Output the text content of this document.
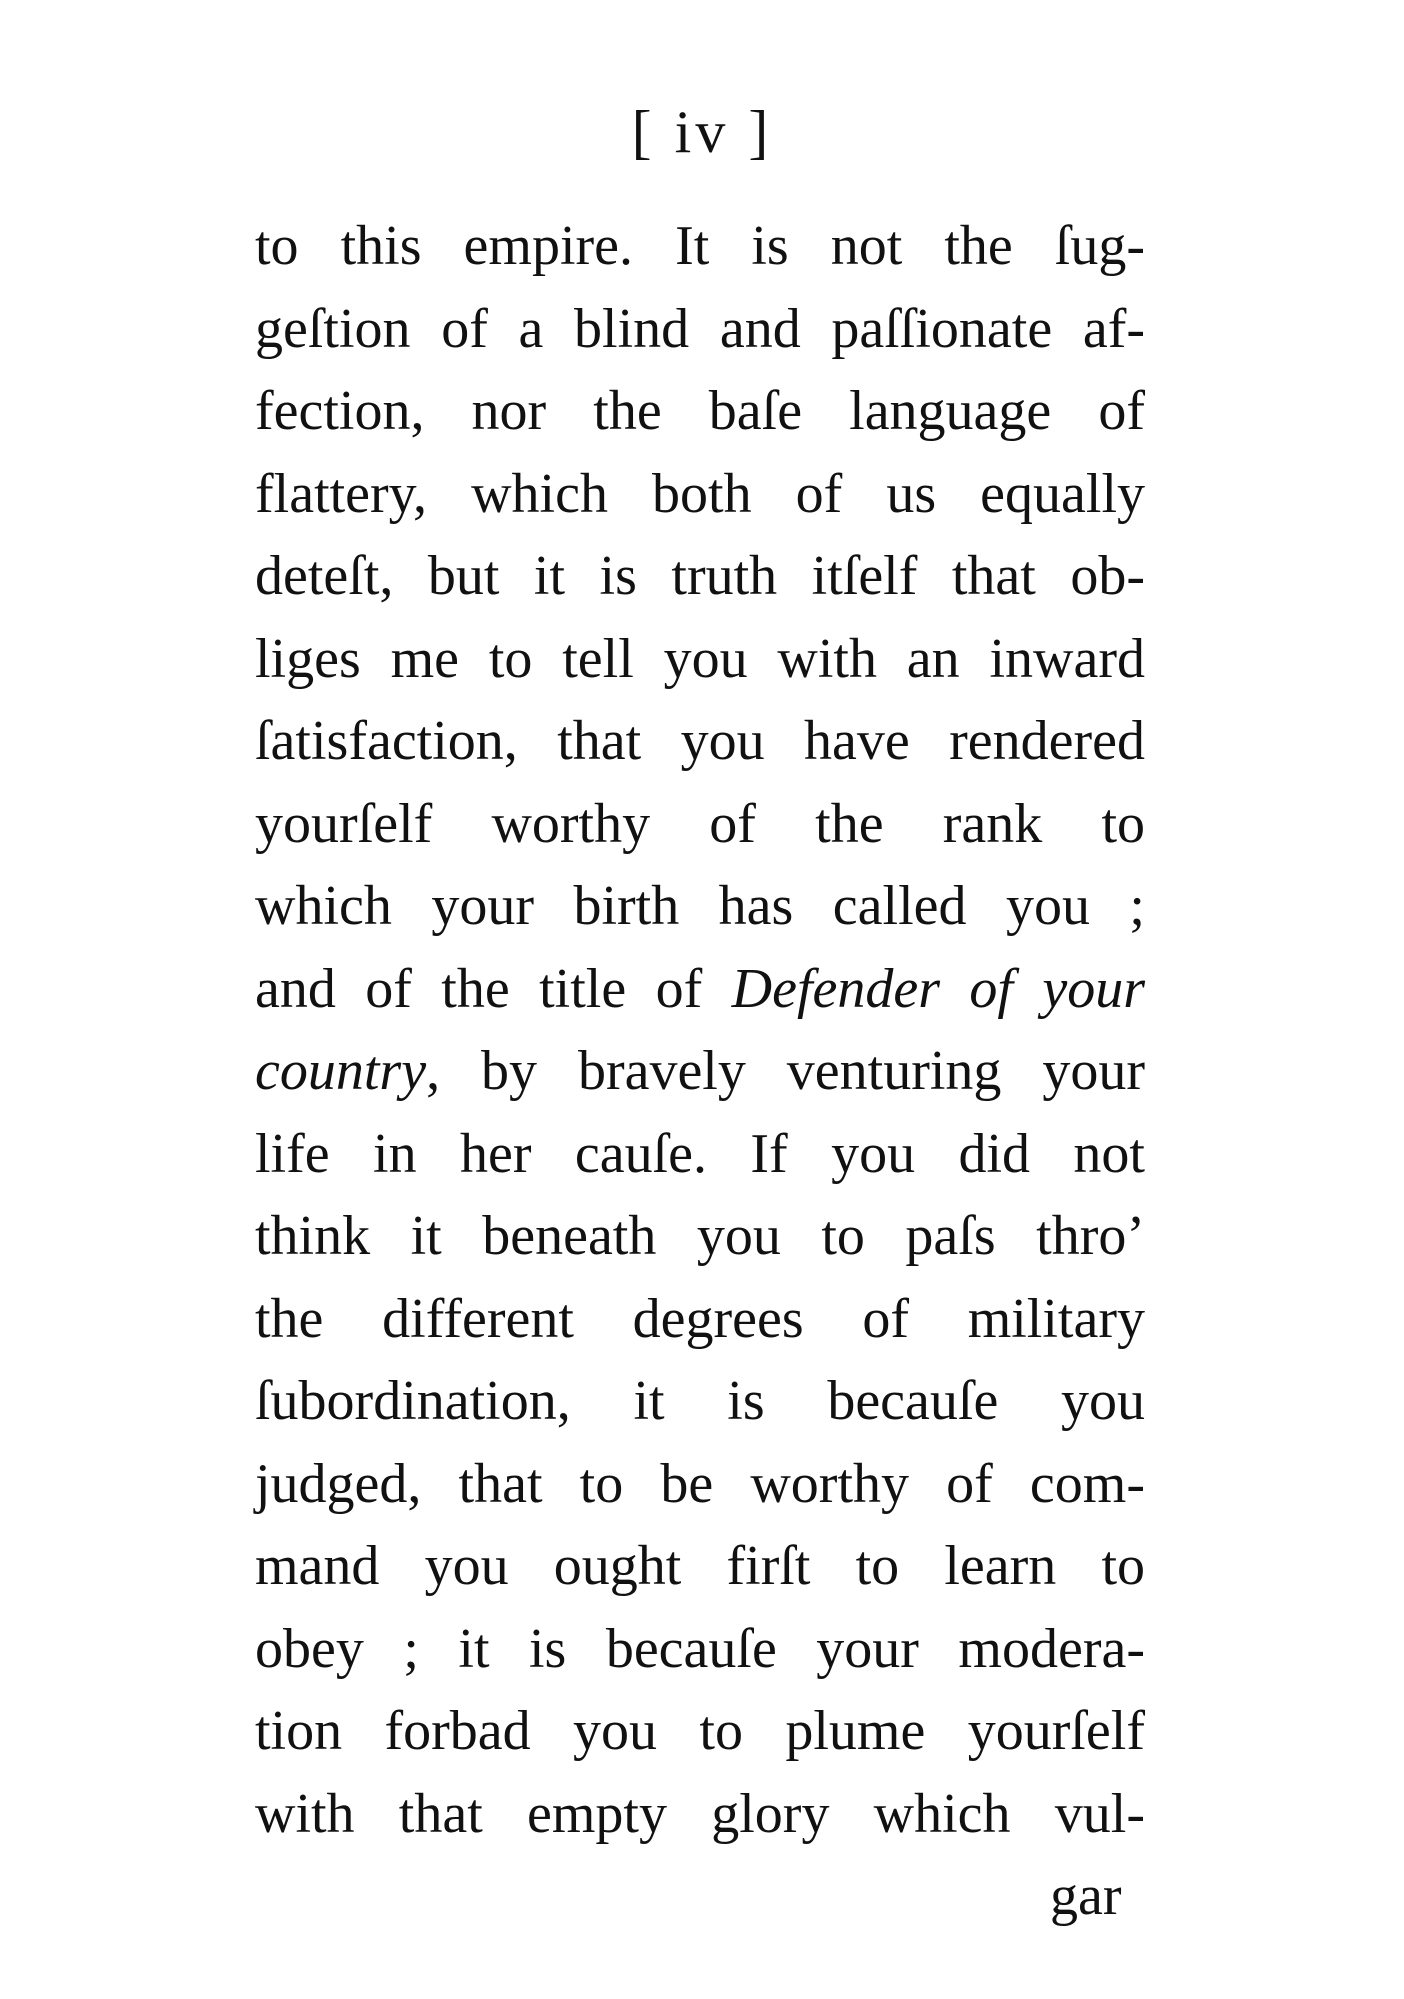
[ iv ]
to this empire. It is not the ſug-
geſtion of a blind and paſſionate af-
fection, nor the baſe language of
flattery, which both of us equally
deteſt, but it is truth itſelf that ob-
liges me to tell you with an inward
ſatisfaction, that you have rendered
yourſelf worthy of the rank to
which your birth has called you ;
and of the title of Defender of your
country, by bravely venturing your
life in her cauſe. If you did not
think it beneath you to paſs thro’
the different degrees of military
ſubordination, it is becauſe you
judged, that to be worthy of com-
mand you ought firſt to learn to
obey ; it is becauſe your modera-
tion forbad you to plume yourſelf
with that empty glory which vul-
gar
